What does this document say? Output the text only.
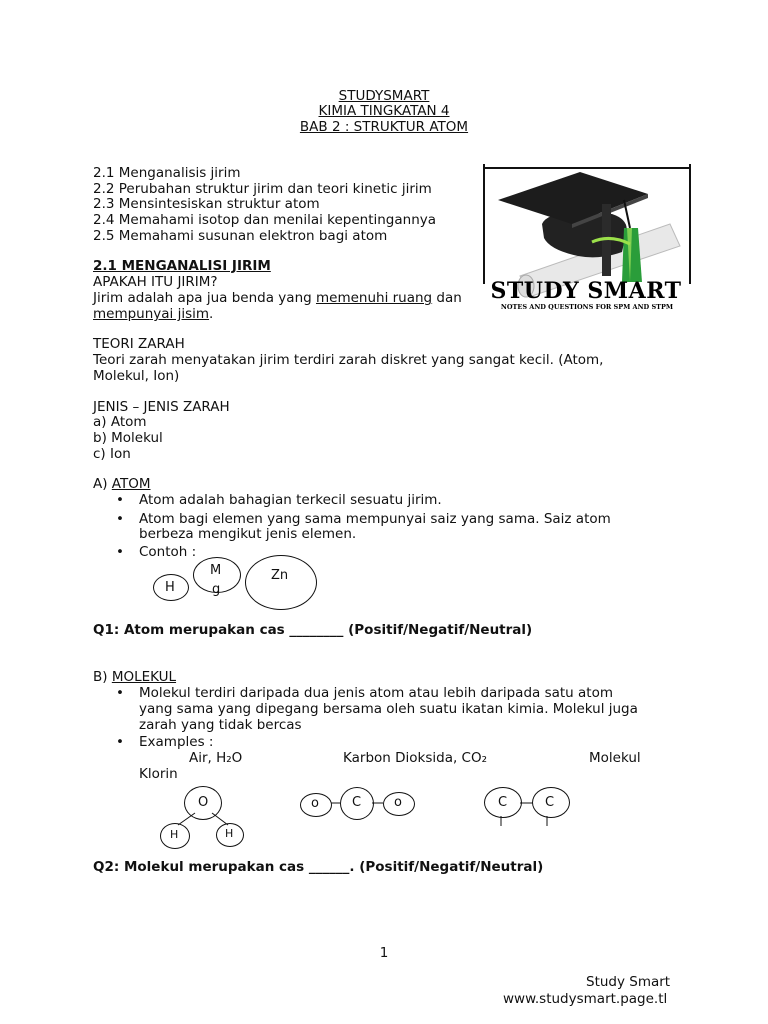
STUDYSMART
KIMIA TINGKATAN 4
BAB 2 : STRUKTUR ATOM
2.1 Menganalisis jirim
2.2 Perubahan struktur jirim dan teori kinetic jirim
2.3 Mensintesiskan struktur atom
2.4 Memahami isotop dan menilai kepentingannya
2.5 Memahami susunan elektron bagi atom
STUDY SMART
NOTES AND QUESTIONS FOR SPM AND STPM
2.1 MENGANALISI JIRIM
APAKAH ITU JIRIM?
Jirim adalah apa jua benda yang memenuhi ruang dan
mempunyai jisim.
TEORI ZARAH
Teori zarah menyatakan jirim terdiri zarah diskret yang sangat kecil. (Atom,
Molekul, Ion)
JENIS – JENIS ZARAH
a) Atom
b) Molekul
c) Ion
A) ATOM
• Atom adalah bahagian terkecil sesuatu jirim.
• Atom bagi elemen yang sama mempunyai saiz yang sama. Saiz atom
berbeza mengikut jenis elemen.
• Contoh :
H
M
g
Zn
Q1: Atom merupakan cas ________ (Positif/Negatif/Neutral)
B) MOLEKUL
• Molekul terdiri daripada dua jenis atom atau lebih daripada satu atom
yang sama yang dipegang bersama oleh suatu ikatan kimia. Molekul juga
zarah yang tidak bercas
• Examples :
Air, H₂O	Karbon Dioksida, CO₂	Molekul
Klorin
O
H	H
o	C	o	C	C
Q2: Molekul merupakan cas ______. (Positif/Negatif/Neutral)
1
Study Smart
www.studysmart.page.tl
